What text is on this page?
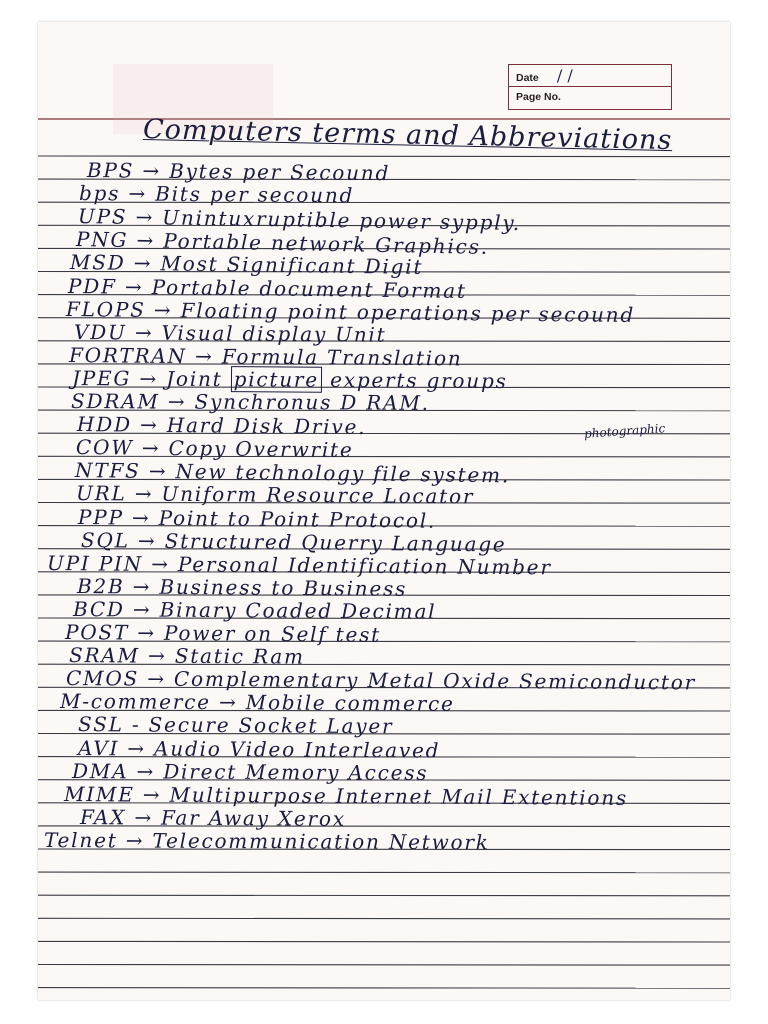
Date / /
Page No.
Computers terms and Abbreviations
BPS → Bytes per Secound
bps → Bits per secound
UPS → Unintuxruptible power sypply.
PNG → Portable network Graphics.
MSD → Most Significant Digit
PDF → Portable document Format
FLOPS → Floating point operations per secound
VDU → Visual display Unit
FORTRAN → Formula Translation
JPEG → Joint picture experts groups
SDRAM → Synchronus D RAM.
HDD → Hard Disk Drive.
COW → Copy Overwrite
NTFS → New technology file system.
URL → Uniform Resource Locator
PPP → Point to Point Protocol.
SQL → Structured Querry Language
UPI PIN → Personal Identification Number
B2B → Business to Business
BCD → Binary Coaded Decimal
POST → Power on Self test
SRAM → Static Ram
CMOS → Complementary Metal Oxide Semiconductor
M-commerce → Mobile commerce
SSL - Secure Socket Layer
AVI → Audio Video Interleaved
DMA → Direct Memory Access
MIME → Multipurpose Internet Mail Extentions
FAX → Far Away Xerox
Telnet → Telecommunication Network
photographic
